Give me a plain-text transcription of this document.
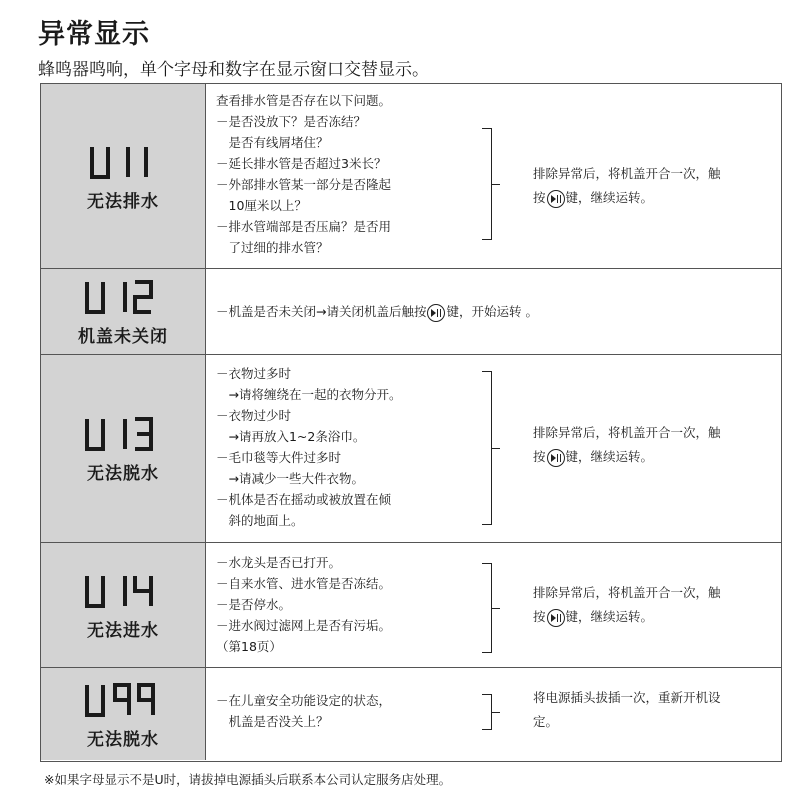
异常显示
蜂鸣器鸣响，单个字母和数字在显示窗口交替显示。
无法排水
查看排水管是否存在以下问题。
－是否没放下？是否冻结？
　是否有线屑堵住？
－延长排水管是否超过3米长？
－外部排水管某一部分是否隆起
　10厘米以上？
－排水管端部是否压扁？是否用
　了过细的排水管？
排除异常后，将机盖开合一次，触
按 键，继续运转。
机盖未关闭
－机盖是否未关闭→请关闭机盖后触按 键，开始运转 。
无法脱水
－衣物过多时
　→请将缠绕在一起的衣物分开。
－衣物过少时
　→请再放入1~2条浴巾。
－毛巾毯等大件过多时
　→请减少一些大件衣物。
－机体是否在摇动或被放置在倾
　斜的地面上。
排除异常后，将机盖开合一次，触
按 键，继续运转。
无法进水
－水龙头是否已打开。
－自来水管、进水管是否冻结。
－是否停水。
－进水阀过滤网上是否有污垢。
（第18页）
排除异常后，将机盖开合一次，触
按 键，继续运转。
无法脱水
－在儿童安全功能设定的状态，
　机盖是否没关上？
将电源插头拔插一次，重新开机设
定。
※如果字母显示不是U时，请拔掉电源插头后联系本公司认定服务店处理。
